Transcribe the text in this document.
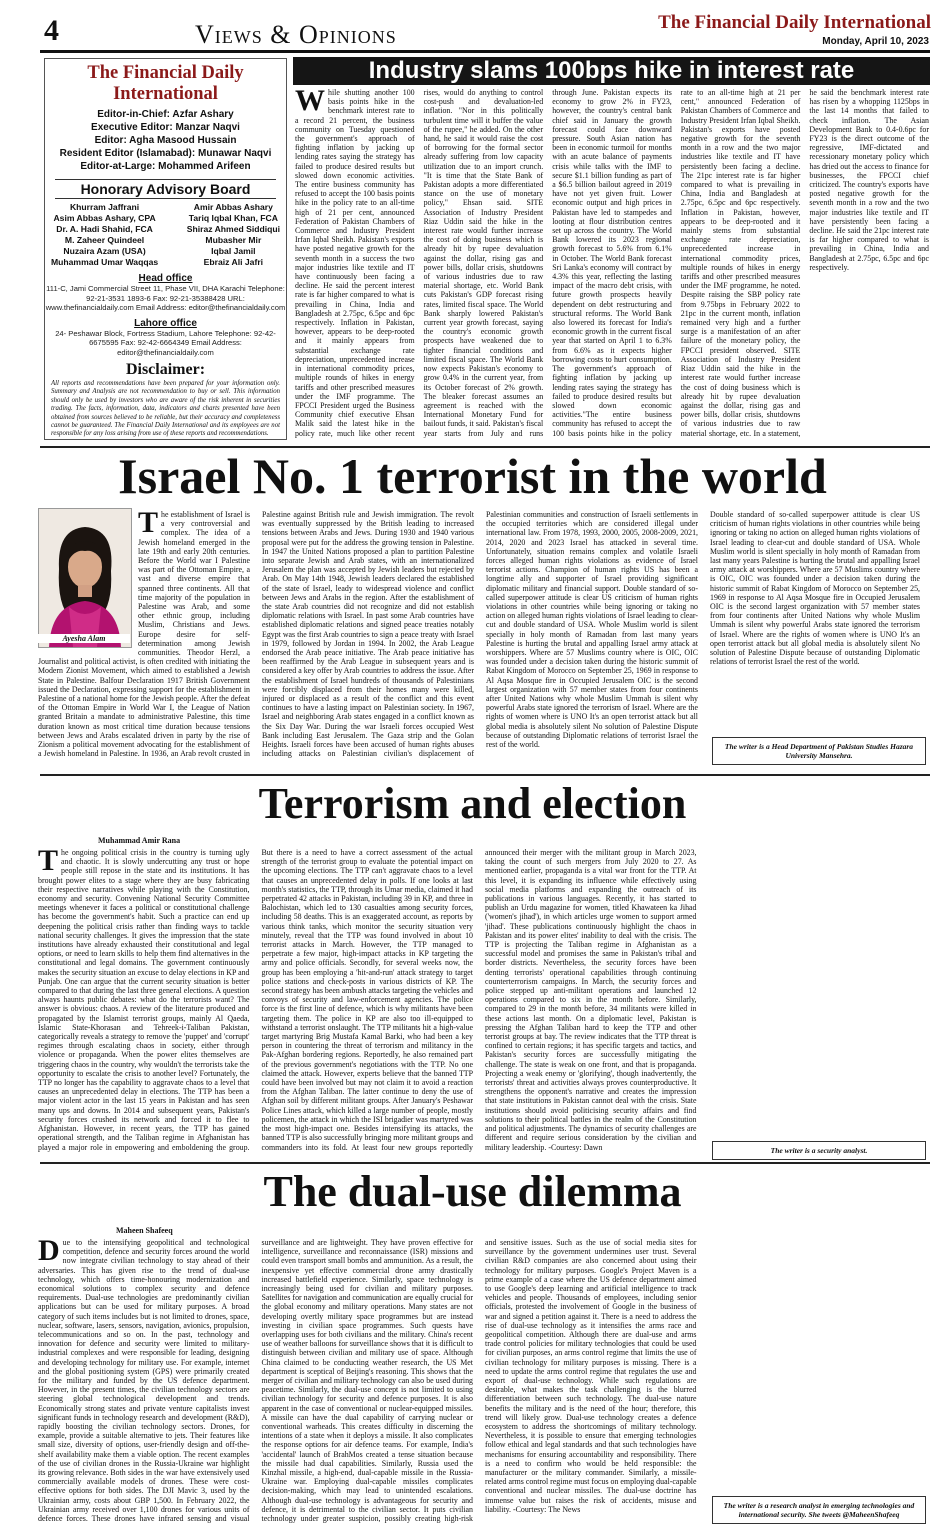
4	Views & Opinions	The Financial Daily International
Monday, April 10, 2023
The Financial Daily International
Editor-in-Chief: Azfar Ashary
Executive Editor: Manzar Naqvi
Editor: Agha Masood Hussain
Resident Editor (Islamabad): Munawar Naqvi
Editor-at-Large: Mohammed Arifeen
Honorary Advisory Board
Khurram Jaffrani
Asim Abbas Ashary, CPA
Dr. A. Hadi Shahid, FCA
M. Zaheer Quindeel
Nuzaira Azam (USA)
Muhammad Umar Waqqas
Amir Abbas Ashary
Tariq Iqbal Khan, FCA
Shiraz Ahmed Siddiqui
Mubasher Mir
Iqbal Jamil
Ebraiz Ali Jafri
Head office
111-C, Jami Commercial Street 11, Phase VII, DHA Karachi Telephone: 92-21-3531 1893-6 Fax: 92-21-35388428 URL: www.thefinancialdaily.com Email Address: editor@thefinancialdaily.com
Lahore office
24- Peshawar Block, Fortress Stadium, Lahore Telephone: 92-42-6675595 Fax: 92-42-6664349 Email Address: editor@thefinancialdaily.com
Disclaimer:
All reports and recommendations have been prepared for your information only. Summary and Analysis are not recommendation to buy or sell. This information should only be used by investors who are aware of the risk inherent in securities trading. The facts, information, data, indicators and charts presented have been obtained from sources believed to be reliable, but their accuracy and completeness cannot be guaranteed. The Financial Daily International and its employees are not responsible for any loss arising from use of these reports and recommendations.
Industry slams 100bps hike in interest rate
W hile shutting another 100 basis points hike in the benchmark interest rate to a record 21 percent, the business community on Tuesday questioned the government's approach of fighting inflation by jacking up lending rates saying the strategy has failed to produce desired results but slowed down economic activities. The entire business community has refused to accept the 100 basis points hike in the policy rate to an all-time high of 21 per cent, announced Federation of Pakistan Chambers of Commerce and Industry President Irfan Iqbal Sheikh. Pakistan's exports have posted negative growth for the seventh month in a success the two major industries like textile and IT have continuously been facing a decline. He said the percent interest rate is far higher compared to what is prevailing in China, India and Bangladesh at 2.75pc, 6.5pc and 6pc respectively. Inflation in Pakistan, however, appears to be deep-rooted and it mainly appears from substantial exchange rate depreciation, unprecedented increase in international commodity prices, multiple rounds of hikes in energy tariffs and other prescribed measures under the IMF programme. The FPCCI President urged the Business Community chief executive Ehsan Malik said the latest hike in the policy rate, much like other recent rises, would do anything to control cost-push and devaluation-led inflation. "Nor in this politically turbulent time will it buffer the value of the rupee," he added. On the other hand, he said it would raise the cost of borrowing for the formal sector already suffering from low capacity utilization due to an import crunch. "It is time that the State Bank of Pakistan adopts a more differentiated stance on the use of monetary policy," Ehsan said. SITE Association of Industry President Riaz Uddin said the hike in the interest rate would further increase the cost of doing business which is already hit by rupee devaluation against the dollar, rising gas and power bills, dollar crisis, shutdowns of various industries due to raw material shortage, etc. World Bank cuts Pakistan's GDP forecast rising rates, limited fiscal space. The World Bank sharply lowered Pakistan's current year growth forecast, saying the country's economic growth prospects have weakened due to tighter financial conditions and limited fiscal space. The World Bank now expects Pakistan's economy to grow 0.4% in the current year, from its October forecast of 2% growth. The bleaker forecast assumes an agreement is reached with the International Monetary Fund for bailout funds, it said. Pakistan's fiscal year starts from July and runs through June. Pakistan expects its economy to grow 2% in FY23, however, the country's central bank chief said in January the growth forecast could face downward pressure. South Asian nation has been in economic turmoil for months with an acute balance of payments crisis while talks with the IMF to secure $1.1 billion funding as part of a $6.5 billion bailout agreed in 2019 have not yet given fruit. Lower economic output and high prices in Pakistan have led to stampedes and looting at flour distribution centres set up across the country. The World Bank lowered its 2023 regional growth forecast to 5.6% from 6.1% in October. The World Bank forecast Sri Lanka's economy will contract by 4.3% this year, reflecting the lasting impact of the macro debt crisis, with future growth prospects heavily dependent on debt restructuring and structural reforms. The World Bank also lowered its forecast for India's economic growth in the current fiscal year that started on April 1 to 6.3% from 6.6% as it expects higher borrowing costs to hurt consumption. The government's approach of fighting inflation by jacking up lending rates saying the strategy has failed to produce desired results but slowed down economic activities."The entire business community has refused to accept the 100 basis points hike in the policy rate to an all-time high at 21 per cent," announced Federation of Pakistan Chambers of Commerce and Industry President Irfan Iqbal Sheikh. Pakistan's exports have posted negative growth for the seventh month in a row and the two major industries like textile and IT have persistently been facing a decline. The 21pc interest rate is far higher compared to what is prevailing in China, India and Bangladesh at 2.75pc, 6.5pc and 6pc respectively. Inflation in Pakistan, however, appears to be deep-rooted and it mainly stems from substantial exchange rate depreciation, unprecedented increase in international commodity prices, multiple rounds of hikes in energy tariffs and other prescribed measures under the IMF programme, he noted. Despite raising the SBP policy rate from 9.75bps in February 2022 to 21pc in the current month, inflation remained very high and a further surge is a manifestation of an after failure of the monetary policy, the FPCCI president observed. SITE Association of Industry President Riaz Uddin said the hike in the interest rate would further increase the cost of doing business which is already hit by rupee devaluation against the dollar, rising gas and power bills, dollar crisis, shutdowns of various industries due to raw material shortage, etc. In a statement, he said the benchmark interest rate has risen by a whopping 1125bps in the last 14 months that failed to check inflation. The Asian Development Bank to 0.4-0.6pc for FY23 is the direct outcome of the regressive, IMF-dictated and recessionary monetary policy which has dried out the access to finance for businesses, the FPCCI chief criticized. The country's exports have posted negative growth for the seventh month in a row and the two major industries like textile and IT have persistently been facing a decline. He said the 21pc interest rate is far higher compared to what is prevailing in China, India and Bangladesh at 2.75pc, 6.5pc and 6pc respectively.
Israel No. 1 terrorist in the world
Ayesha Alam
T he establishment of Israel is a very controversial and complex. The idea of a Jewish homeland emerged in the late 19th and early 20th centuries. Before the World war I Palestine was part of the Ottoman Empire, a vast and diverse empire that spanned three continents. All that time majority of the population in Palestine was Arab, and some other ethnic group, including Muslim, Christians and Jews. Europe desire for self-determination among Jewish communities. Theodor Herzl, a Journalist and political activist, is often credited with initiating the Modern Zionist Movement, which aimed to established a Jewish State in Palestine. Balfour Declaration 1917 British Government issued the Declaration, expressing support for the establishment in Palestine of a national home for the Jewish people. After the defeat of the Ottoman Empire in World War I, the League of Nation granted Britain a mandate to administrative Palestine, this time duration known as most critical time duration because tensions between Jews and Arabs escalated driven in party by the rise of Zionism a political movement advocating for the establishment of a Jewish homeland in Palestine. In 1936, an Arab revolt crusted in Palestine against British rule and Jewish immigration. The revolt was eventually suppressed by the British leading to increased tensions between Arabs and Jews. During 1930 and 1940 various proposal were put for the address the growing tension in Palestine. In 1947 the United Nations proposed a plan to partition Palestine into separate Jewish and Arab states, with an internationalized Jerusalem the plan was accepted by Jewish leaders but rejected by Arab. On May 14th 1948, Jewish leaders declared the established of the state of Israel, leady to widespread violence and conflict between Jews and Arabs in the region. After the establishment of the state Arab countries did not recognize and did not establish diplomatic relations with Israel. In past some Arab countries have established diplomatic relations and signed peace treaties notably Egypt was the first Arab countries to sign a peace treaty with Israel in 1979, followed by Jordan in 1994. In 2002, the Arab League endorsed the Arab peace initiative. The Arab peace initiative has been reaffirmed by the Arab League in subsequent years and is considered a key offer by Arab countries to address the issue. After the establishment of Israel hundreds of thousands of Palestinians were forcibly displaced from their homes many were killed, injured or displaced as a result of the conflict and this event continues to have a lasting impact on Palestinian society. In 1967, Israel and neighboring Arab states engaged in a conflict known as the Six Day War. During the war Israeli forces occupied West Bank including East Jerusalem. The Gaza strip and the Golan Heights. Israeli forces have been accused of human rights abuses including attacks on Palestinian civilian's displacement of Palestinian communities and construction of Israeli settlements in the occupied territories which are considered illegal under international law. From 1978, 1993, 2000, 2005, 2008-2009, 2021, 2014, 2020 and 2023 Israel has attacked in several time. Unfortunately, situation remains complex and volatile Israeli forces alleged human rights violations as evidence of Israel terrorist actions. Champion of human rights US has been a longtime ally and supporter of Israel providing significant diplomatic military and financial support. Double standard of so-called superpower attitude is clear US criticism of human rights violations in other countries while being ignoring or taking no action on alleged human rights violations of Israel leading to clear-cut and double standard of USA. Whole Muslim world is silent specially in holy month of Ramadan from last many years Palestine is hurting the brutal and appalling Israel army attack at worshippers. Where are 57 Muslims country where is OIC, OIC was founded under a decision taken during the historic summit of Rabat Kingdom of Morocco on September 25, 1969 in response to Al Aqsa Mosque fire in Occupied Jerusalem OIC is the second largest organization with 57 member states from four continents after United Nations why whole Muslim Ummah is silent why powerful Arabs state ignored the terrorism of Israel. Where are the rights of women where is UNO It's an open terrorist attack but all global media is absolutely silent No solution of Palestine Dispute because of outstanding Diplomatic relations of terrorist Israel the rest of the world.
Double standard of so-called superpower attitude is clear US criticism of human rights violations in other countries while being ignoring or taking no action on alleged human rights violations of Israel leading to clear-cut and double standard of USA. Whole Muslim world is silent specially in holy month of Ramadan from last many years Palestine is hurting the brutal and appalling Israel army attack at worshippers. Where are 57 Muslims country where is OIC, OIC was founded under a decision taken during the historic summit of Rabat Kingdom of Morocco on September 25, 1969 in response to Al Aqsa Mosque fire in Occupied Jerusalem OIC is the second largest organization with 57 member states from four continents after United Nations why whole Muslim Ummah is silent why powerful Arabs state ignored the terrorism of Israel. Where are the rights of women where is UNO It's an open terrorist attack but all global media is absolutely silent No solution of Palestine Dispute because of outstanding Diplomatic relations of terrorist Israel the rest of the world.
The writer is a Head Department of Pakistan Studies Hazara University Mansehra.
Terrorism and election
Muhammad Amir Rana
T he ongoing political crisis in the country is turning ugly and chaotic. It is slowly undercutting any trust or hope people still repose in the state and its institutions. It has brought power elites to a stage where they are busy fabricating their respective narratives while playing with the Constitution, economy and security. Convening National Security Committee meetings whenever it faces a political or constitutional challenge has become the government's habit. Such a practice can end up deepening the political crisis rather than finding ways to tackle national security challenges. It gives the impression that the state institutions have already exhausted their constitutional and legal options, or need to learn skills to help them find alternatives in the constitutional and legal domains. The government continuously makes the security situation an excuse to delay elections in KP and Punjab. One can argue that the current security situation is better compared to that during the last three general elections. A question always haunts public debates: what do the terrorists want? The answer is obvious: chaos. A review of the literature produced and propagated by the Islamist terrorist groups, mainly Al Qaeda, Islamic State-Khorasan and Tehreek-i-Taliban Pakistan, categorically reveals a strategy to remove the 'puppet' and 'corrupt' regimes through escalating chaos in society, either through violence or propaganda. When the power elites themselves are triggering chaos in the country, why wouldn't the terrorists take the opportunity to escalate the crisis to another level? Fortunately, the TTP no longer has the capability to aggravate chaos to a level that causes an unprecedented delay in elections. The TTP has been a major violent actor in the last 15 years in Pakistan and has seen many ups and downs. In 2014 and subsequent years, Pakistan's security forces crushed its network and forced it to flee to Afghanistan. However, in recent years, the TTP has gained operational strength, and the Taliban regime in Afghanistan has played a major role in empowering and emboldening the group. But there is a need to have a correct assessment of the actual strength of the terrorist group to evaluate the potential impact on the upcoming elections. The TTP can't aggravate chaos to a level that causes an unprecedented delay in polls. If one looks at last month's statistics, the TTP, through its Umar media, claimed it had perpetrated 42 attacks in Pakistan, including 39 in KP, and three in Balochistan, which led to 130 casualties among security forces, including 58 deaths. This is an exaggerated account, as reports by various think tanks, which monitor the security situation very minutely, reveal that the TTP was found involved in about 10 terrorist attacks in March. However, the TTP managed to perpetrate a few major, high-impact attacks in KP targeting the army and police officials. Secondly, for several weeks now, the group has been employing a 'hit-and-run' attack strategy to target police stations and check-posts in various districts of KP. The second strategy has been ambush attacks targeting the vehicles and convoys of security and law-enforcement agencies. The police force is the first line of defence, which is why militants have been targeting them. The police in KP are also too ill-equipped to withstand a terrorist onslaught. The TTP militants hit a high-value target martyring Brig Mustafa Kamal Barki, who had been a key person in countering the threat of terrorism and militancy in the Pak-Afghan bordering regions. Reportedly, he also remained part of the previous government's negotiations with the TTP. No one claimed the attack. However, experts believe that the banned TTP could have been involved but may not claim it to avoid a reaction from the Afghan Taliban. The latter continue to deny the use of Afghan soil by different militant groups. After January's Peshawar Police Lines attack, which killed a large number of people, mostly policemen, the attack in which the ISI brigadier was martyred was the most high-impact one. Besides intensifying its attacks, the banned TTP is also successfully bringing more militant groups and commanders into its fold. At least four new groups reportedly announced their merger with the militant group in March 2023, taking the count of such mergers from July 2020 to 27. As mentioned earlier, propaganda is a vital war front for the TTP. At this level, it is expanding its influence while effectively using social media platforms and expanding the outreach of its publications in various languages. Recently, it has started to publish an Urdu magazine for women, titled Khawateen ka Jihad ('women's jihad'), in which articles urge women to support armed 'jihad'. These publications continuously highlight the chaos in Pakistan and its power elites' inability to deal with the crisis. The TTP is projecting the Taliban regime in Afghanistan as a successful model and promises the same in Pakistan's tribal and border districts. Nevertheless, the security forces have been denting terrorists' operational capabilities through continuing counterterrorism campaigns. In March, the security forces and police stepped up anti-militant operations and launched 12 operations compared to six in the month before. Similarly, compared to 29 in the month before, 34 militants were killed in these actions last month. On a diplomatic level, Pakistan is pressing the Afghan Taliban hard to keep the TTP and other terrorist groups at bay. The review indicates that the TTP threat is confined to certain regions; it has specific targets and tactics, and Pakistan's security forces are successfully mitigating the challenge. The state is weak on one front, and that is propaganda. Projecting a weak enemy or 'glorifying', though inadvertently, the terrorists' threat and activities always proves counterproductive. It strengthens the opponent's narrative and creates the impression that state institutions in Pakistan cannot deal with the crisis. State institutions should avoid politicising security affairs and find solutions to their political battles in the realm of the Constitution and political adjustments. The dynamics of security challenges are different and require serious consideration by the civilian and military leadership. -Courtesy: Dawn	The writer is a security analyst.
The dual-use dilemma
Maheen Shafeeq
D ue to the intensifying geopolitical and technological competition, defence and security forces around the world now integrate civilian technology to stay ahead of their adversaries. This has given rise to the trend of dual-use technology, which offers time-honouring modernization and economical solutions to complex security and defence requirements. Dual-use technologies are predominantly civilian applications but can be used for military purposes. A broad category of such items includes but is not limited to drones, space, nuclear, software, lasers, sensors, navigation, avionics, propulsion, telecommunications and so on. In the past, technology and innovation for defence and security were limited to military-industrial complexes and were responsible for leading, designing and developing technology for military use. For example, internet and the global positioning system (GPS) were primarily created for the military and funded by the US defence department. However, in the present times, the civilian technology sectors are steering global technological development and trends. Economically strong states and private venture capitalists invest significant funds in technology research and development (R&D), rapidly boosting the civilian technology sectors. Drones, for example, provide a suitable alternative to jets. Their features like small size, diversity of options, user-friendly design and off-the-shelf availability make them a viable option. The recent examples of the use of civilian drones in the Russia-Ukraine war highlight its growing relevance. Both sides in the war have extensively used commercially available models of drones. These were cost-effective options for both sides. The DJI Mavic 3, used by the Ukrainian army, costs about GBP 1,500. In February 2022, the Ukrainian army received over 1,100 drones for various units of defence forces. These drones have infrared sensing and visual surveillance and are lightweight. They have proven effective for intelligence, surveillance and reconnaissance (ISR) missions and could even transport small bombs and ammunition. As a result, the inexpensive yet effective commercial drone army drastically increased battlefield experience. Similarly, space technology is increasingly being used for civilian and military purposes. Satellites for navigation and communication are equally crucial for the global economy and military operations. Many states are not developing overtly military space programmes but are instead investing in civilian space programmes. Such quests have overlapping uses for both civilians and the military. China's recent use of weather balloons for surveillance shows that it is difficult to distinguish between civilian and military use of space. Although China claimed to be conducting weather research, the US Met department is sceptical of Beijing's reasoning. This shows that the merger of civilian and military technology can also be used during peacetime. Similarly, the dual-use concept is not limited to using civilian technology for security and defence purposes. It is also apparent in the case of conventional or nuclear-equipped missiles. A missile can have the dual capability of carrying nuclear or conventional warheads. This creates difficulty in discerning the intentions of a state when it deploys a missile. It also complicates the response options for air defence teams. For example, India's 'accidental' launch of BrahMos created a tense situation because the missile had dual capabilities. Similarly, Russia used the Kinzhal missile, a high-end, dual-capable missile in the Russia-Ukraine war. Employing dual-capable missiles complicates decision-making, which may lead to unintended escalations. Although dual-use technology is advantageous for security and defence, it is detrimental to the civilian sector. It puts civilian technology under greater suspicion, possibly creating high-risk and sensitive issues. Such as the use of social media sites for surveillance by the government undermines user trust. Several civilian R&D companies are also concerned about using their technology for military purposes. Google's Project Maven is a prime example of a case where the US defence department aimed to use Google's deep learning and artificial intelligence to track vehicles and people. Thousands of employees, including senior officials, protested the involvement of Google in the business of war and signed a petition against it. There is a need to address the rise of dual-use technology as it intensifies the arms race and geopolitical competition. Although there are dual-use and arms trade control policies for military technologies that could be used for civilian purposes, an arms control regime that limits the use of civilian technology for military purposes is missing. There is a need to update the arms control regime that regulates the use and export of dual-use technology. While such regulations are desirable, what makes the task challenging is the blurred differentiation between such technology. The dual-use nature benefits the military and is the need of the hour; therefore, this trend will likely grow. Dual-use technology creates a defence ecosystem to address the shortcomings of military technology. Nevertheless, it is possible to ensure that emerging technologies follow ethical and legal standards and that such technologies have mechanisms for ensuring accountability and responsibility. There is a need to confirm who would be held responsible: the manufacturer or the military commander. Similarly, a missile-related arms control regime must focus on employing dual-capable conventional and nuclear missiles. The dual-use doctrine has immense value but raises the risk of accidents, misuse and liability. -Courtesy: The News	The writer is a research analyst in emerging technologies and international security. She tweets @MaheenShafeeq
